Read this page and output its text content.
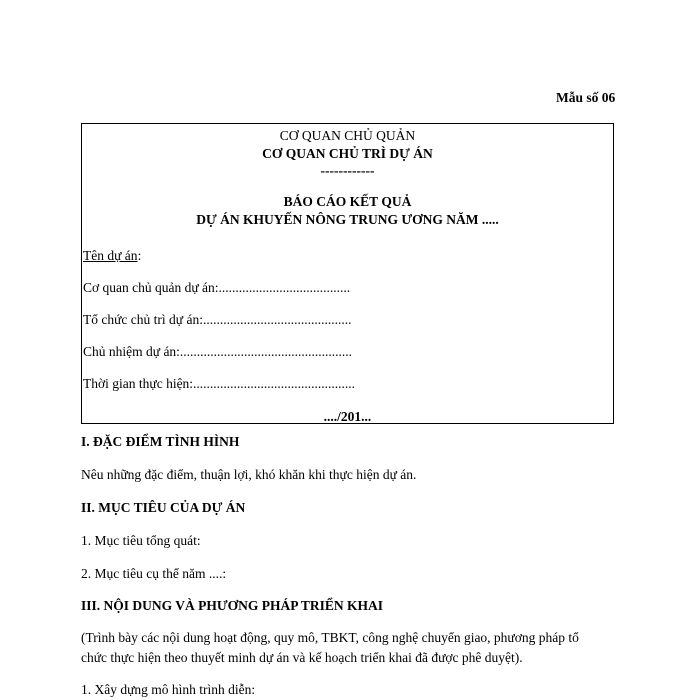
Mẫu số 06
CƠ QUAN CHỦ QUẢN
CƠ QUAN CHỦ TRÌ DỰ ÁN
------------
BÁO CÁO KẾT QUẢ
DỰ ÁN KHUYẾN NÔNG TRUNG ƯƠNG NĂM .....
Tên dự án:
Cơ quan chủ quản dự án:.......................................
Tổ chức chủ trì dự án:............................................
Chủ nhiệm dự án:...................................................
Thời gian thực hiện:................................................
..../201...
I. ĐẶC ĐIỂM TÌNH HÌNH
Nêu những đặc điểm, thuận lợi, khó khăn khi thực hiện dự án.
II. MỤC TIÊU CỦA DỰ ÁN
1. Mục tiêu tổng quát:
2. Mục tiêu cụ thể năm ....:
III. NỘI DUNG VÀ PHƯƠNG PHÁP TRIỂN KHAI
(Trình bày các nội dung hoạt động, quy mô, TBKT, công nghệ chuyển giao, phương pháp tổ
chức thực hiện theo thuyết minh dự án và kế hoạch triển khai đã được phê duyệt).
1. Xây dựng mô hình trình diễn:
